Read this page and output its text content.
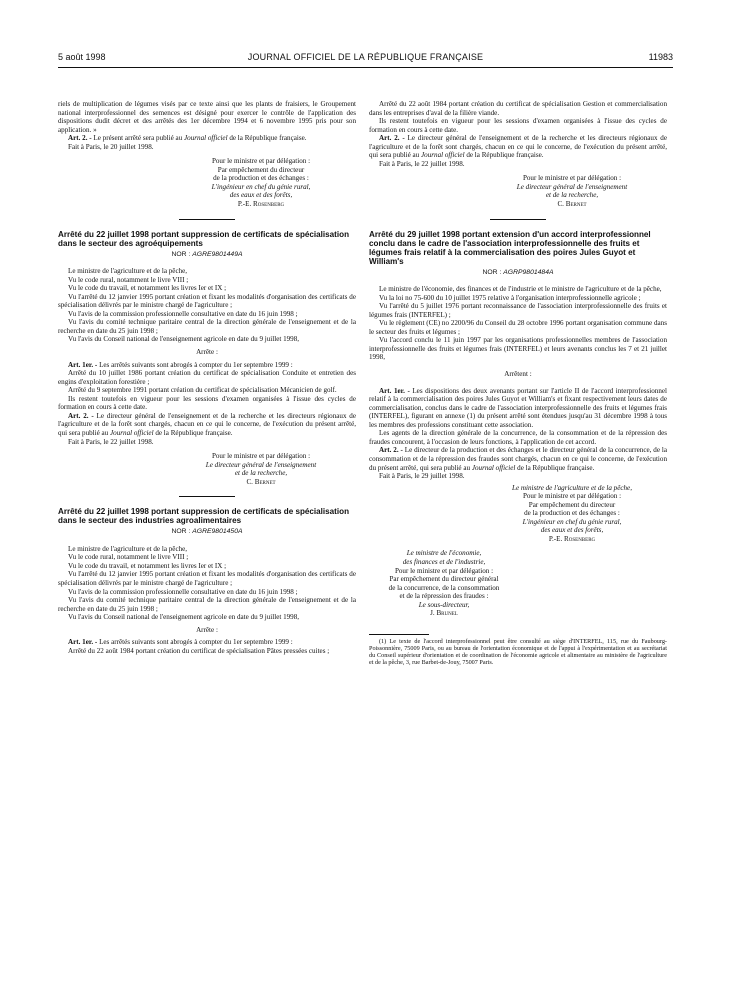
5 août 1998	JOURNAL OFFICIEL DE LA RÉPUBLIQUE FRANÇAISE	11983

riels de multiplication de légumes visés par ce texte ainsi que les plants de fraisiers, le Groupement national interprofessionnel des semences est désigné pour exercer le contrôle de l'application des dispositions dudit décret et des arrêtés des 1er décembre 1994 et 6 novembre 1995 pris pour son application. »

Art. 2. - Le présent arrêté sera publié au Journal officiel de la République française.

Fait à Paris, le 20 juillet 1998.

Pour le ministre et par délégation :
Par empêchement du directeur
de la production et des échanges :
L'ingénieur en chef du génie rural,
des eaux et des forêts,
P.-E. Rosenberg
Arrêté du 22 juillet 1998 portant suppression de certificats de spécialisation dans le secteur des agroéquipements
NOR : AGRE9801449A

Le ministre de l'agriculture et de la pêche,

Vu le code rural, notamment le livre VIII ;

Vu le code du travail, et notamment les livres Ier et IX ;

Vu l'arrêté du 12 janvier 1995 portant création et fixant les modalités d'organisation des certificats de spécialisation délivrés par le ministre chargé de l'agriculture ;

Vu l'avis de la commission professionnelle consultative en date du 16 juin 1998 ;

Vu l'avis du comité technique paritaire central de la direction générale de l'enseignement et de la recherche en date du 25 juin 1998 ;

Vu l'avis du Conseil national de l'enseignement agricole en date du 9 juillet 1998,

Arrête :

Art. 1er. - Les arrêtés suivants sont abrogés à compter du 1er septembre 1999 :

Arrêté du 10 juillet 1986 portant création du certificat de spécialisation Conduite et entretien des engins d'exploitation forestière ;

Arrêté du 9 septembre 1991 portant création du certificat de spécialisation Mécanicien de golf.

Ils restent toutefois en vigueur pour les sessions d'examen organisées à l'issue des cycles de formation en cours à cette date.

Art. 2. - Le directeur général de l'enseignement et de la recherche et les directeurs régionaux de l'agriculture et de la forêt sont chargés, chacun en ce qui le concerne, de l'exécution du présent arrêté, qui sera publié au Journal officiel de la République française.

Fait à Paris, le 22 juillet 1998.

Pour le ministre et par délégation :
Le directeur général de l'enseignement
et de la recherche,
C. Bernet
Arrêté du 22 juillet 1998 portant suppression de certificats de spécialisation dans le secteur des industries agroalimentaires
NOR : AGRE9801450A

Le ministre de l'agriculture et de la pêche,

Vu le code rural, notamment le livre VIII ;

Vu le code du travail, et notamment les livres Ier et IX ;

Vu l'arrêté du 12 janvier 1995 portant création et fixant les modalités d'organisation des certificats de spécialisation délivrés par le ministre chargé de l'agriculture ;

Vu l'avis de la commission professionnelle consultative en date du 16 juin 1998 ;

Vu l'avis du comité technique paritaire central de la direction générale de l'enseignement et de la recherche en date du 25 juin 1998 ;

Vu l'avis du Conseil national de l'enseignement agricole en date du 9 juillet 1998,

Arrête :

Art. 1er. - Les arrêtés suivants sont abrogés à compter du 1er septembre 1999 :

Arrêté du 22 août 1984 portant création du certificat de spécialisation Pâtes pressées cuites ;

Arrêté du 22 août 1984 portant création du certificat de spécialisation Gestion et commercialisation dans les entreprises d'aval de la filière viande.

Ils restent toutefois en vigueur pour les sessions d'examen organisées à l'issue des cycles de formation en cours à cette date.

Art. 2. - Le directeur général de l'enseignement et de la recherche et les directeurs régionaux de l'agriculture et de la forêt sont chargés, chacun en ce qui le concerne, de l'exécution du présent arrêté, qui sera publié au Journal officiel de la République française.

Fait à Paris, le 22 juillet 1998.

Pour le ministre et par délégation :
Le directeur général de l'enseignement
et de la recherche,
C. Bernet
Arrêté du 29 juillet 1998 portant extension d'un accord interprofessionnel conclu dans le cadre de l'association interprofessionnelle des fruits et légumes frais relatif à la commercialisation des poires Jules Guyot et William's
NOR : AGRP9801484A

Le ministre de l'économie, des finances et de l'industrie et le ministre de l'agriculture et de la pêche,

Vu la loi no 75-600 du 10 juillet 1975 relative à l'organisation interprofessionnelle agricole ;

Vu l'arrêté du 5 juillet 1976 portant reconnaissance de l'association interprofessionnelle des fruits et légumes frais (INTERFEL) ;

Vu le règlement (CE) no 2200/96 du Conseil du 28 octobre 1996 portant organisation commune dans le secteur des fruits et légumes ;

Vu l'accord conclu le 11 juin 1997 par les organisations professionnelles membres de l'association interprofessionnelle des fruits et légumes frais (INTERFEL) et leurs avenants conclus les 7 et 21 juillet 1998,

Arrêtent :

Art. 1er. - Les dispositions des deux avenants portant sur l'article II de l'accord interprofessionnel relatif à la commercialisation des poires Jules Guyot et William's et fixant respectivement leurs dates de commercialisation, conclus dans le cadre de l'association interprofessionnelle des fruits et légumes frais (INTERFEL), figurant en annexe (1) du présent arrêté sont étendues jusqu'au 31 décembre 1998 à tous les membres des professions constituant cette association.

Les agents de la direction générale de la concurrence, de la consommation et de la répression des fraudes concourent, à l'occasion de leurs fonctions, à l'application de cet accord.

Art. 2. - Le directeur de la production et des échanges et le directeur général de la concurrence, de la consommation et de la répression des fraudes sont chargés, chacun en ce qui le concerne, de l'exécution du présent arrêté, qui sera publié au Journal officiel de la République française.

Fait à Paris, le 29 juillet 1998.

Le ministre de l'agriculture et de la pêche,
Pour le ministre et par délégation :
Par empêchement du directeur
de la production et des échanges :
L'ingénieur en chef du génie rural,
des eaux et des forêts,
P.-E. Rosenberg
Le ministre de l'économie,
des finances et de l'industrie,
Pour le ministre et par délégation :
Par empêchement du directeur général
de la concurrence, de la consommation
et de la répression des fraudes :
Le sous-directeur,
J. Brunel

(1) Le texte de l'accord interprofessionnel peut être consulté au siège d'INTERFEL, 115, rue du Faubourg-Poissonnière, 75009 Paris, ou au bureau de l'orientation économique et de l'appui à l'expérimentation et au secrétariat du Conseil supérieur d'orientation et de coordination de l'économie agricole et alimentaire au ministère de l'agriculture et de la pêche, 3, rue Barbet-de-Jouy, 75007 Paris.
